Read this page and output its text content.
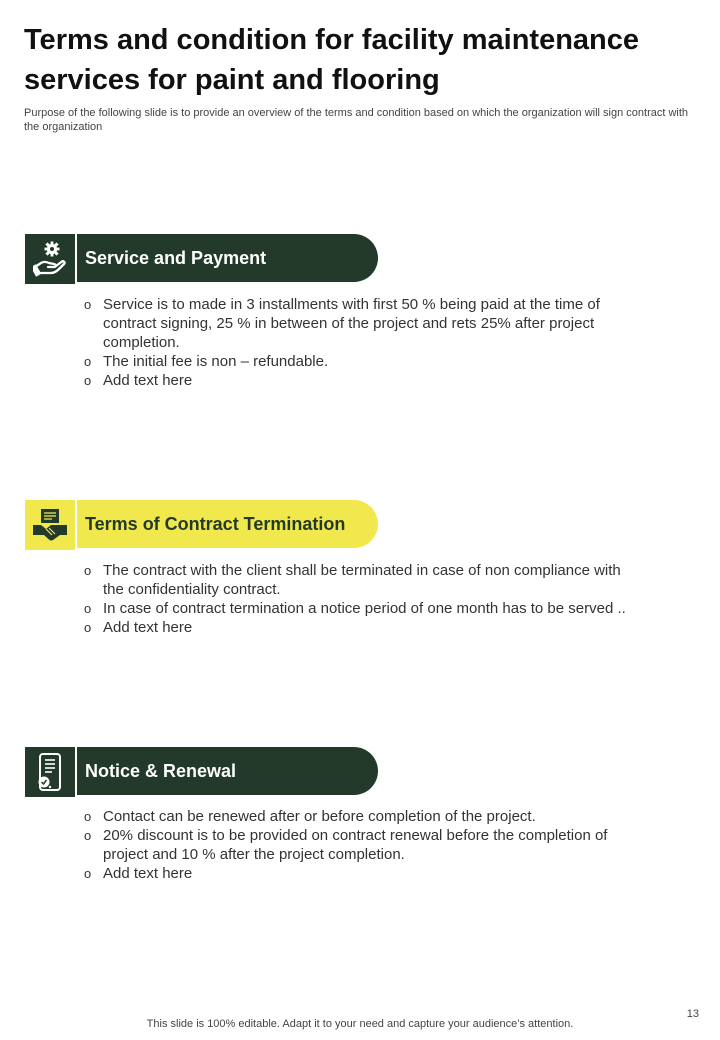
Terms and condition for facility maintenance services for paint and flooring
Purpose of the following slide is to provide an overview of the terms and condition based on which the organization will sign contract with the organization
Service and Payment
o Service is to made in 3 installments with first 50 % being paid at the time of contract signing, 25 % in between of the project and rets 25% after project completion.
o The initial fee is non – refundable.
o Add text here
Terms of Contract Termination
o The contract with the client shall be terminated in case of non compliance with the confidentiality contract.
o In case of contract termination a notice period of one month has to be served ..
o Add text here
Notice & Renewal
o Contact can be renewed after or before completion of the project.
o 20% discount is to be provided on contract renewal before the completion of project and 10 % after the project completion.
o Add text here
13
This slide is 100% editable. Adapt it to your need and capture your audience’s attention.
